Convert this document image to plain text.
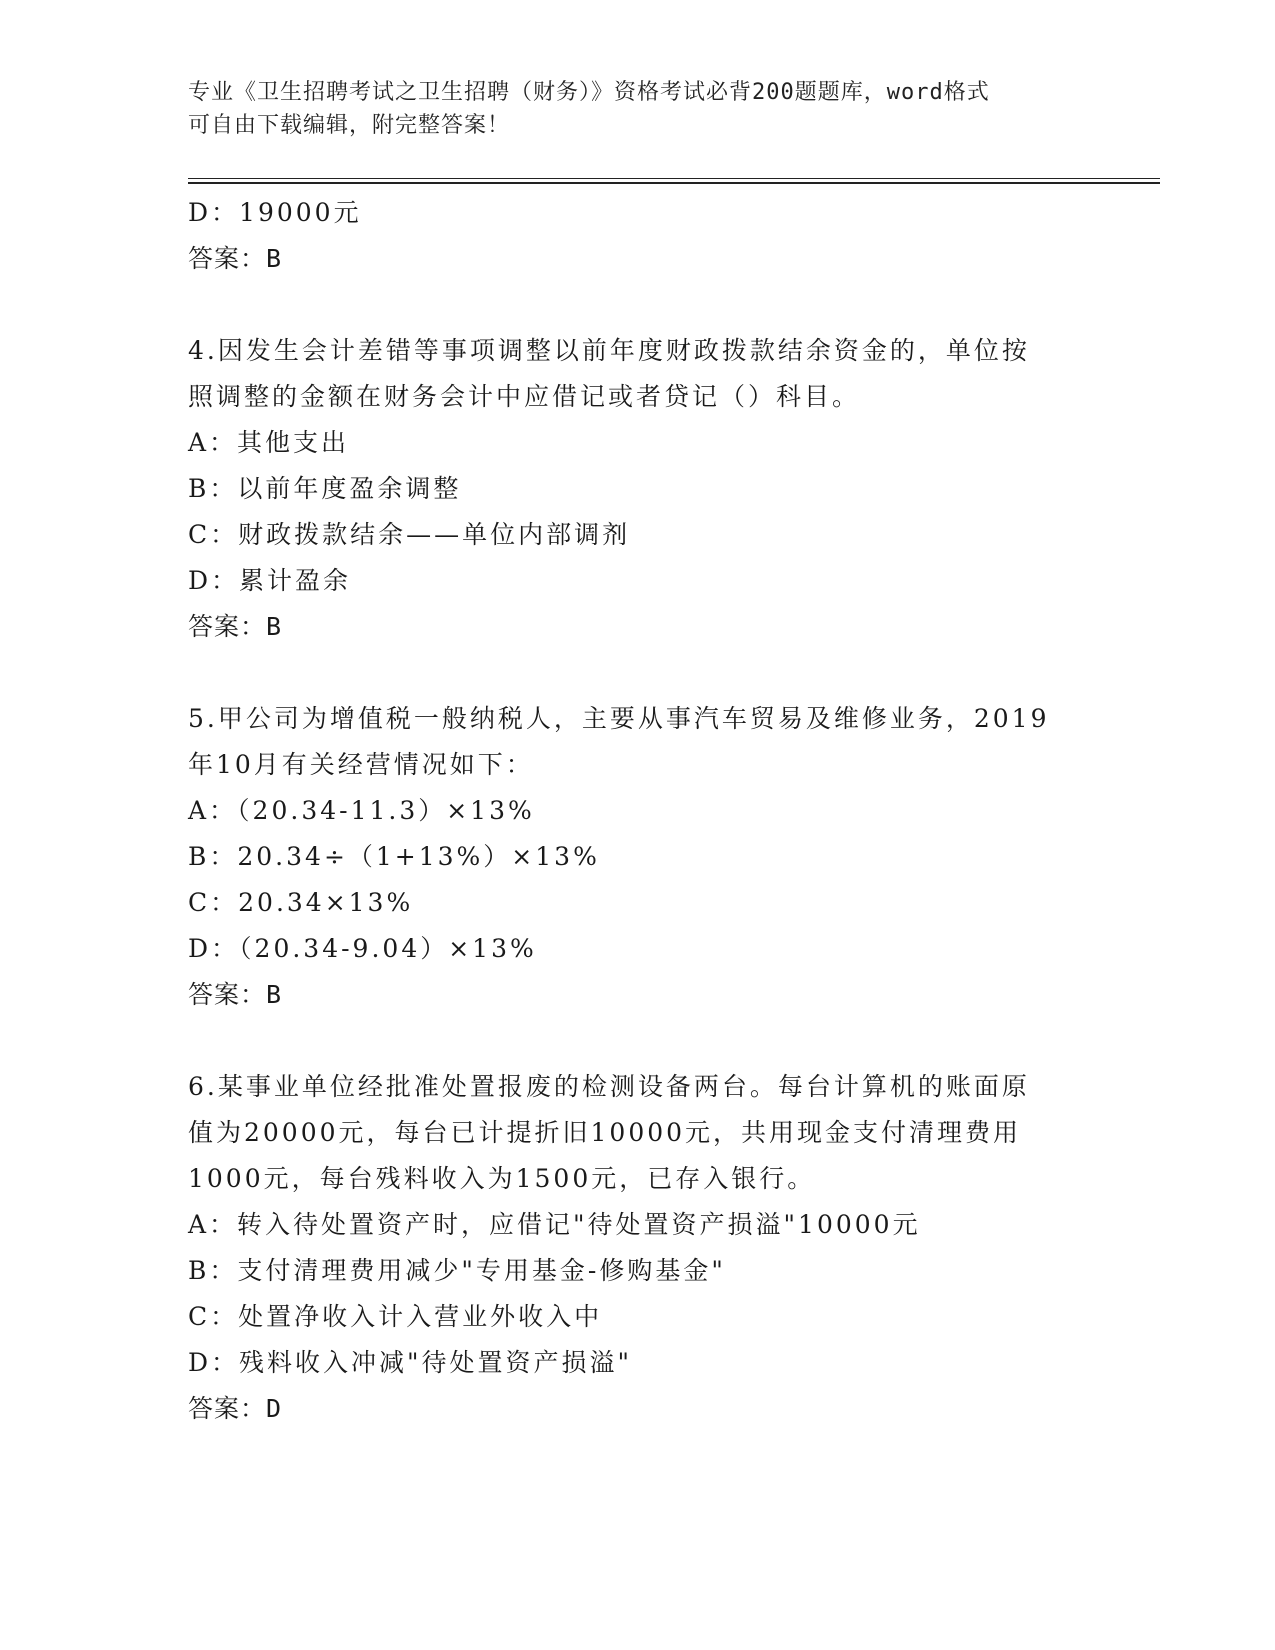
专业《卫生招聘考试之卫生招聘（财务）》资格考试必背200题题库，word格式
可自由下载编辑，附完整答案！
D：19000元
答案：B
4.因发生会计差错等事项调整以前年度财政拨款结余资金的，单位按
照调整的金额在财务会计中应借记或者贷记（）科目。
A：其他支出
B：以前年度盈余调整
C：财政拨款结余——单位内部调剂
D：累计盈余
答案：B
5.甲公司为增值税一般纳税人，主要从事汽车贸易及维修业务，2019
年10月有关经营情况如下：
A：（20.34-11.3）×13%
B：20.34÷（1+13%）×13%
C：20.34×13%
D：（20.34-9.04）×13%
答案：B
6.某事业单位经批准处置报废的检测设备两台。每台计算机的账面原
值为20000元，每台已计提折旧10000元，共用现金支付清理费用
1000元，每台残料收入为1500元，已存入银行。
A：转入待处置资产时，应借记"待处置资产损溢"10000元
B：支付清理费用减少"专用基金-修购基金"
C：处置净收入计入营业外收入中
D：残料收入冲减"待处置资产损溢"
答案：D
